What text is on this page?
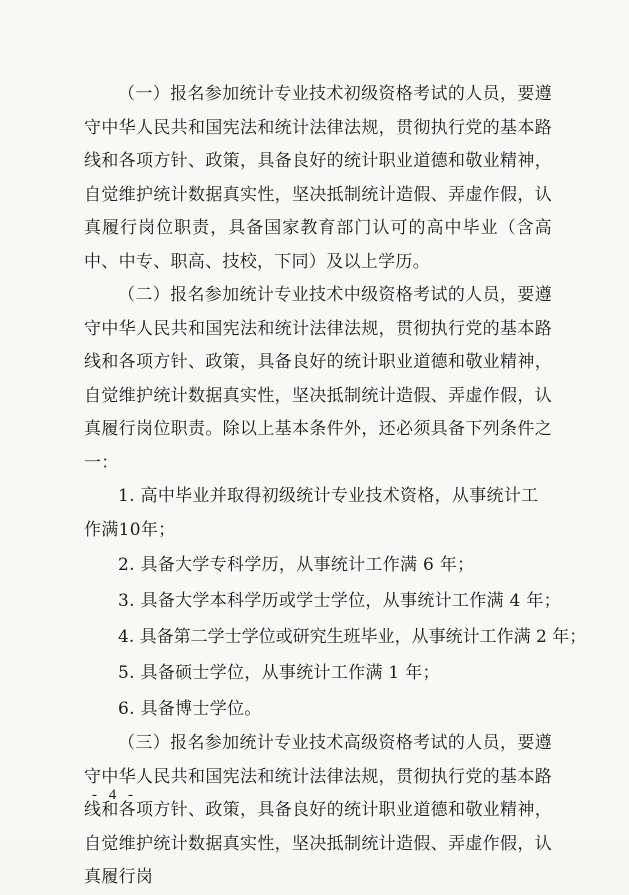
（一）报名参加统计专业技术初级资格考试的人员，要遵守中华人民共和国宪法和统计法律法规，贯彻执行党的基本路线和各项方针、政策，具备良好的统计职业道德和敬业精神，自觉维护统计数据真实性，坚决抵制统计造假、弄虚作假，认真履行岗位职责，具备国家教育部门认可的高中毕业（含高中、中专、职高、技校，下同）及以上学历。

（二）报名参加统计专业技术中级资格考试的人员，要遵守中华人民共和国宪法和统计法律法规，贯彻执行党的基本路线和各项方针、政策，具备良好的统计职业道德和敬业精神，自觉维护统计数据真实性，坚决抵制统计造假、弄虚作假，认真履行岗位职责。除以上基本条件外，还必须具备下列条件之一：

1. 高中毕业并取得初级统计专业技术资格，从事统计工作满10年；

2. 具备大学专科学历，从事统计工作满 6 年；

3. 具备大学本科学历或学士学位，从事统计工作满 4 年；

4. 具备第二学士学位或研究生班毕业，从事统计工作满 2 年；

5. 具备硕士学位，从事统计工作满 1 年；

6. 具备博士学位。

（三）报名参加统计专业技术高级资格考试的人员，要遵守中华人民共和国宪法和统计法律法规，贯彻执行党的基本路线和各项方针、政策，具备良好的统计职业道德和敬业精神，自觉维护统计数据真实性，坚决抵制统计造假、弄虚作假，认真履行岗

- 4 -
